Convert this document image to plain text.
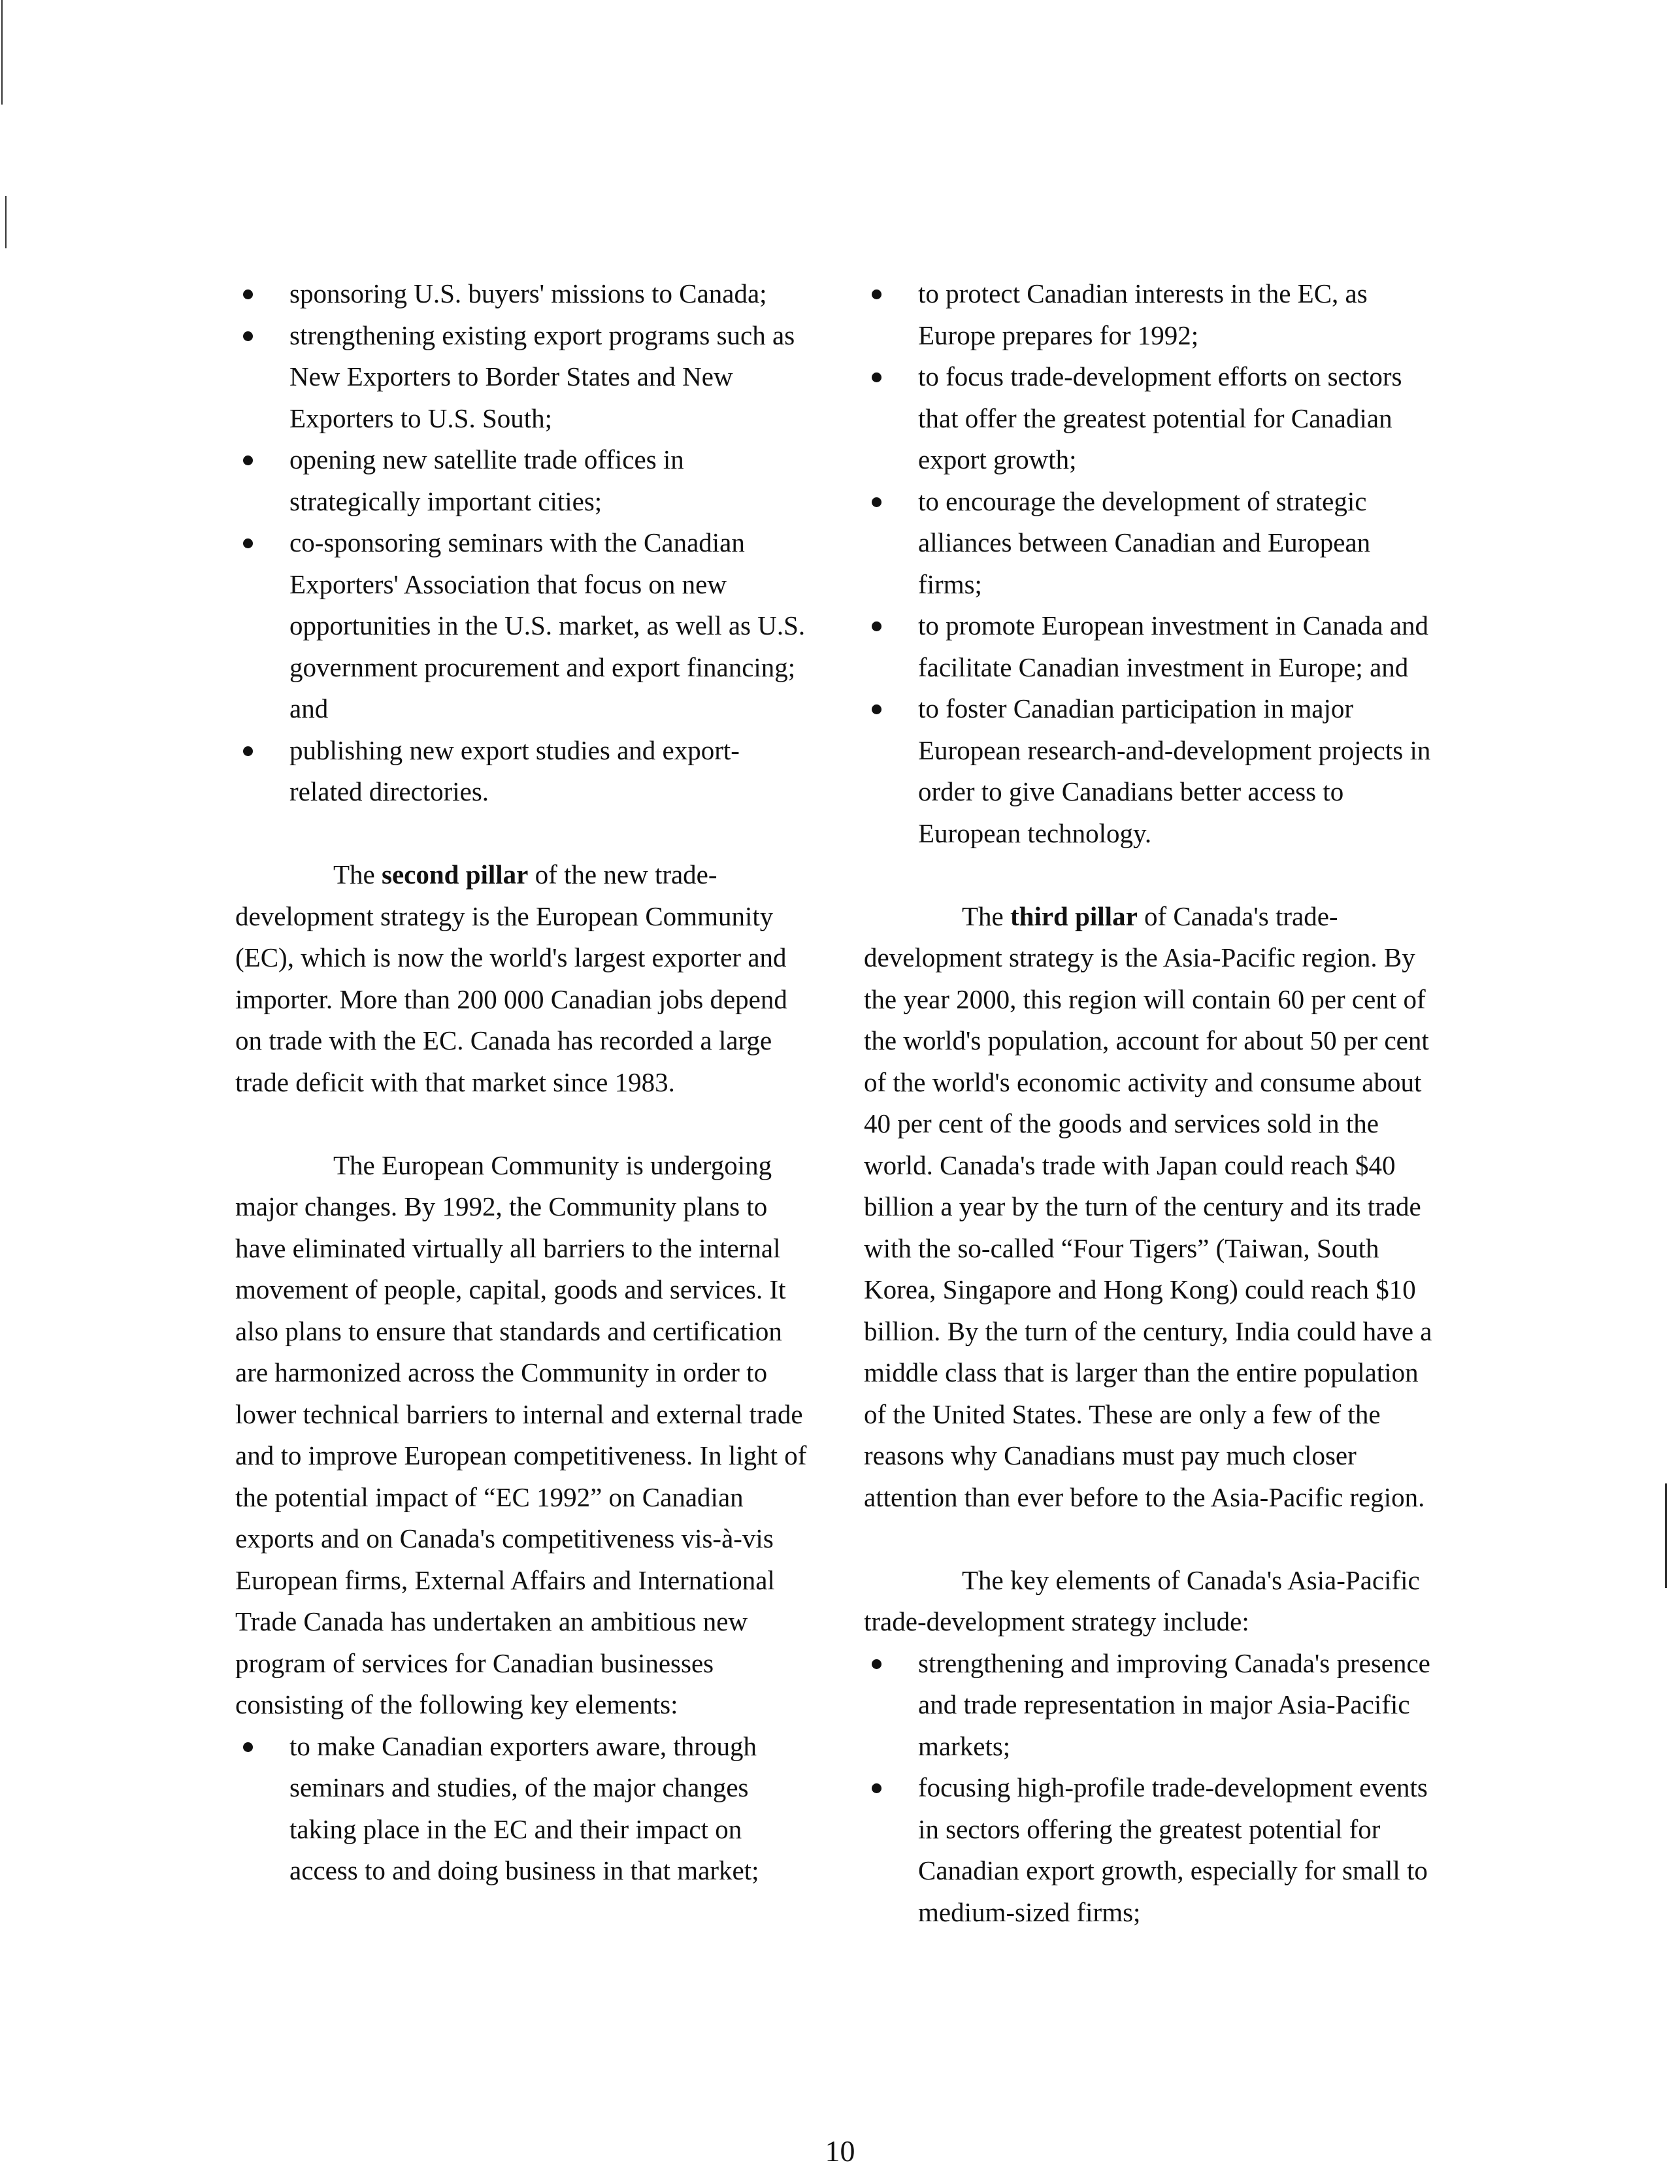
sponsoring U.S. buyers' missions to Canada;
strengthening existing export programs such as New Exporters to Border States and New Exporters to U.S. South;
opening new satellite trade offices in strategically important cities;
co-sponsoring seminars with the Canadian Exporters' Association that focus on new opportunities in the U.S. market, as well as U.S. government procurement and export financing; and
publishing new export studies and export-related directories.

The second pillar of the new trade-development strategy is the European Community (EC), which is now the world's largest exporter and importer. More than 200 000 Canadian jobs depend on trade with the EC. Canada has recorded a large trade deficit with that market since 1983.

The European Community is undergoing major changes. By 1992, the Community plans to have eliminated virtually all barriers to the internal movement of people, capital, goods and services. It also plans to ensure that standards and certification are harmonized across the Community in order to lower technical barriers to internal and external trade and to improve European competitiveness. In light of the potential impact of “EC 1992” on Canadian exports and on Canada's competitiveness vis-à-vis European firms, External Affairs and International Trade Canada has undertaken an ambitious new program of services for Canadian businesses consisting of the following key elements:

to make Canadian exporters aware, through seminars and studies, of the major changes taking place in the EC and their impact on access to and doing business in that market;
to protect Canadian interests in the EC, as Europe prepares for 1992;
to focus trade-development efforts on sectors that offer the greatest potential for Canadian export growth;
to encourage the development of strategic alliances between Canadian and European firms;
to promote European investment in Canada and facilitate Canadian investment in Europe; and
to foster Canadian participation in major European research-and-development projects in order to give Canadians better access to European technology.

The third pillar of Canada's trade-development strategy is the Asia-Pacific region. By the year 2000, this region will contain 60 per cent of the world's population, account for about 50 per cent of the world's economic activity and consume about 40 per cent of the goods and services sold in the world. Canada's trade with Japan could reach $40 billion a year by the turn of the century and its trade with the so-called “Four Tigers” (Taiwan, South Korea, Singapore and Hong Kong) could reach $10 billion. By the turn of the century, India could have a middle class that is larger than the entire population of the United States. These are only a few of the reasons why Canadians must pay much closer attention than ever before to the Asia-Pacific region.

The key elements of Canada's Asia-Pacific trade-development strategy include:

strengthening and improving Canada's presence and trade representation in major Asia-Pacific markets;
focusing high-profile trade-development events in sectors offering the greatest potential for Canadian export growth, especially for small to medium-sized firms;
10
